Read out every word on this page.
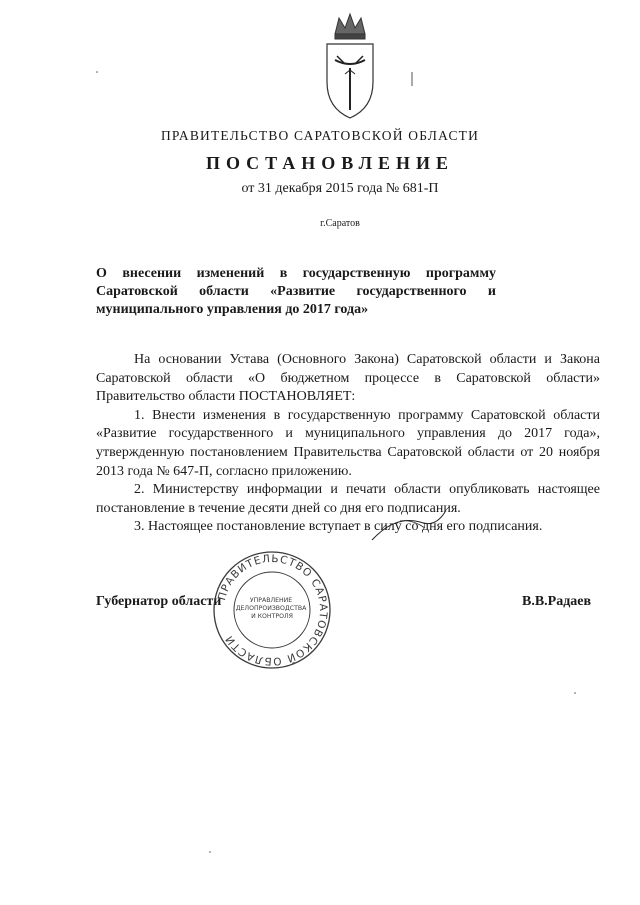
ПРАВИТЕЛЬСТВО САРАТОВСКОЙ ОБЛАСТИ
ПОСТАНОВЛЕНИЕ
от 31 декабря 2015 года № 681-П
г.Саратов
О внесении изменений в государственную программу Саратовской области «Развитие государственного и муниципального управления до 2017 года»

На основании Устава (Основного Закона) Саратовской области и Закона Саратовской области «О бюджетном процессе в Саратовской области» Правительство области ПОСТАНОВЛЯЕТ:

1. Внести изменения в государственную программу Саратовской области «Развитие государственного и муниципального управления до 2017 года», утвержденную постановлением Правительства Саратовской области от 20 ноября 2013 года № 647-П, согласно приложению.

2. Министерству информации и печати области опубликовать настоящее постановление в течение десяти дней со дня его подписания.

3. Настоящее постановление вступает в силу со дня его подписания.

Губернатор области	В.В.Радаев
ПРАВИТЕЛЬСТВО САРАТОВСКОЙ ОБЛАСТИ
УПРАВЛЕНИЕ ДЕЛОПРОИЗВОДСТВА И КОНТРОЛЯ
